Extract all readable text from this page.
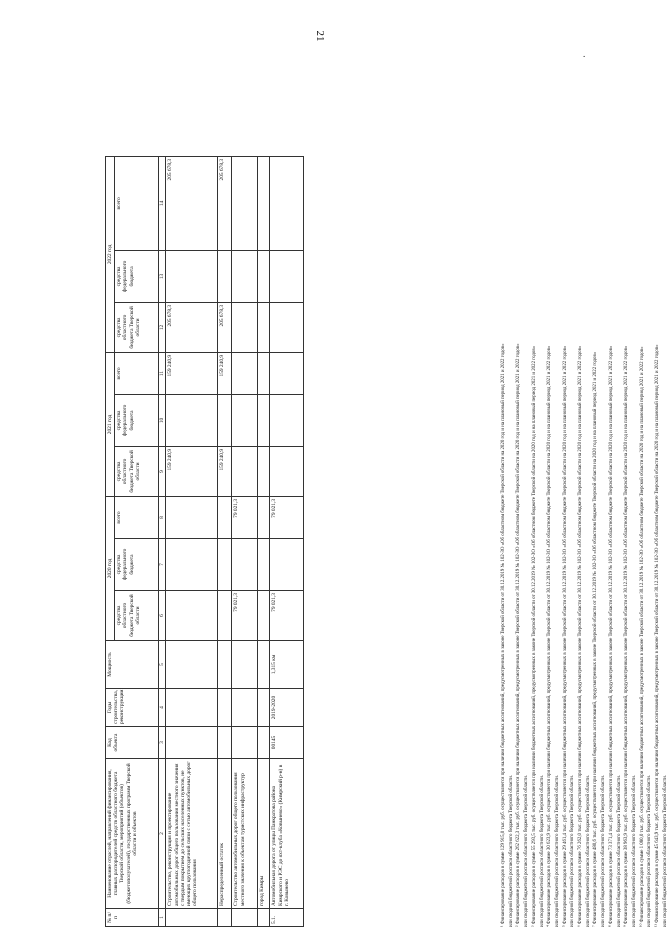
21
.
№ п/п	Наименование отраслей, направлений финансирования, главных распорядителей средств областного бюджета Тверской области, мероприятий (объектов) (бюджетополучателей), государственных программ Тверской области и объектов	Код объекта	Годы строительства, реконструкции	Мощность	2020 год			2021 год			2022 год		
					средства областного бюджета Тверской области	средства федерального бюджета	всего	средства областного бюджета Тверской области	средства федерального бюджета	всего	средства областного бюджета Тверской области	средства федерального бюджета	всего
1	2	3	4	5	6	7	8	9	10	11	12	13	14
	Строительство, реконструкция и проектирование автомобильных дорог общего пользования местного значения с твердым покрытием до сельских населенных пунктов, не имеющих круглогодичной связи с сетью автомобильных дорог общего пользования							159 240,9		159 240,9	205 678,3		205 678,3
	Нераспределенный остаток							159 240,9		159 240,9	205 678,3		205 678,3
	Строительство автомобильных дорог общего пользования местного значения к объектам туристских инфраструктур				79 021,3		79 021,3						
	город Кимры												
5.1.	Автомобильная дорога от улицы Панкратова района Кимрского и РЭС до яхт-клуба «Ковынево» (Кимрский р-н) в г. Ковынево	00145	2019-2020	1,315 км	79 021,3		79 021,3							¹ Финансирование расходов в сумме 129 915,0 тыс. руб. осуществляется при наличии бюджетных ассигнований, предусмотренных в законе Тверской области от 30.12.2019 № 102-ЗО «Об областном бюджете Тверской области на 2020 год и на плановый период 2021 и 2022 годов» или сводной бюджетной росписи областного бюджета Тверской области. ² Финансирование расходов в сумме 262 622,3 тыс. руб. осуществляется при наличии бюджетных ассигнований, предусмотренных в законе Тверской области от 30.12.2019 № 102-ЗО «Об областном бюджете Тверской области на 2020 год и на плановый период 2021 и 2022 годов» или сводной бюджетной росписи областного бюджета Тверской области. ³ Финансирование расходов в сумме 55 293,5 тыс. руб. осуществляется при наличии бюджетных ассигнований, предусмотренных в законе Тверской области от 30.12.2019 № 102-ЗО «Об областном бюджете Тверской области на 2020 год и на плановый период 2021 и 2022 годов» или сводной бюджетной росписи областного бюджета Тверской области. ⁴ Финансирование расходов в сумме 30 623,9 тыс. руб. осуществляется при наличии бюджетных ассигнований, предусмотренных в законе Тверской области от 30.12.2019 № 102-ЗО «Об областном бюджете Тверской области на 2020 год и на плановый период 2021 и 2022 годов» или сводной бюджетной росписи областного бюджета Тверской области. ⁵ Финансирование расходов в сумме 29 461,4 тыс. руб. осуществляется при наличии бюджетных ассигнований, предусмотренных в законе Тверской области от 30.12.2019 № 102-ЗО «Об областном бюджете Тверской области на 2020 год и на плановый период 2021 и 2022 годов» или сводной бюджетной росписи областного бюджета Тверской области. ⁶ Финансирование расходов в сумме 76 262,0 тыс. руб. осуществляется при наличии бюджетных ассигнований, предусмотренных в законе Тверской области от 30.12.2019 № 102-ЗО «Об областном бюджете Тверской области на 2020 год и на плановый период 2021 и 2022 годов» или сводной бюджетной росписи областного бюджета Тверской области. ⁷ Финансирование расходов в сумме 480,6 тыс. руб. осуществляется при наличии бюджетных ассигнований, предусмотренных в законе Тверской области от 30.12.2019 № 102-ЗО «Об областном бюджете Тверской области на 2020 год и на плановый период 2021 и 2022 годов» или сводной бюджетной росписи областного бюджета Тверской области. ⁸ Финансирование расходов в сумме 73 371,4 тыс. руб. осуществляется при наличии бюджетных ассигнований, предусмотренных в законе Тверской области от 30.12.2019 № 102-ЗО «Об областном бюджете Тверской области на 2020 год и на плановый период 2021 и 2022 годов» или сводной бюджетной росписи областного бюджета Тверской области. ⁹ Финансирование расходов в сумме 38 963,9 тыс. руб. осуществляется при наличии бюджетных ассигнований, предусмотренных в законе Тверской области от 30.12.2019 № 102-ЗО «Об областном бюджете Тверской области на 2020 год и на плановый период 2021 и 2022 годов» или сводной бюджетной росписи областного бюджета Тверской области. ¹⁰ Финансирование расходов в сумме 1 080,0 тыс. руб. осуществляется при наличии бюджетных ассигнований, предусмотренных в законе Тверской области от 30.12.2019 № 102-ЗО «Об областном бюджете Тверской области на 2020 год и на плановый период 2021 и 2022 годов» или сводной бюджетной росписи областного бюджета Тверской области. ¹¹ Финансирование расходов в сумме 45 643,9 тыс. руб. осуществляется при наличии бюджетных ассигнований, предусмотренных в законе Тверской области от 30.12.2019 № 102-ЗО «Об областном бюджете Тверской области на 2020 год и на плановый период 2021 и 2022 годов» или сводной бюджетной росписи областного бюджета Тверской области.
